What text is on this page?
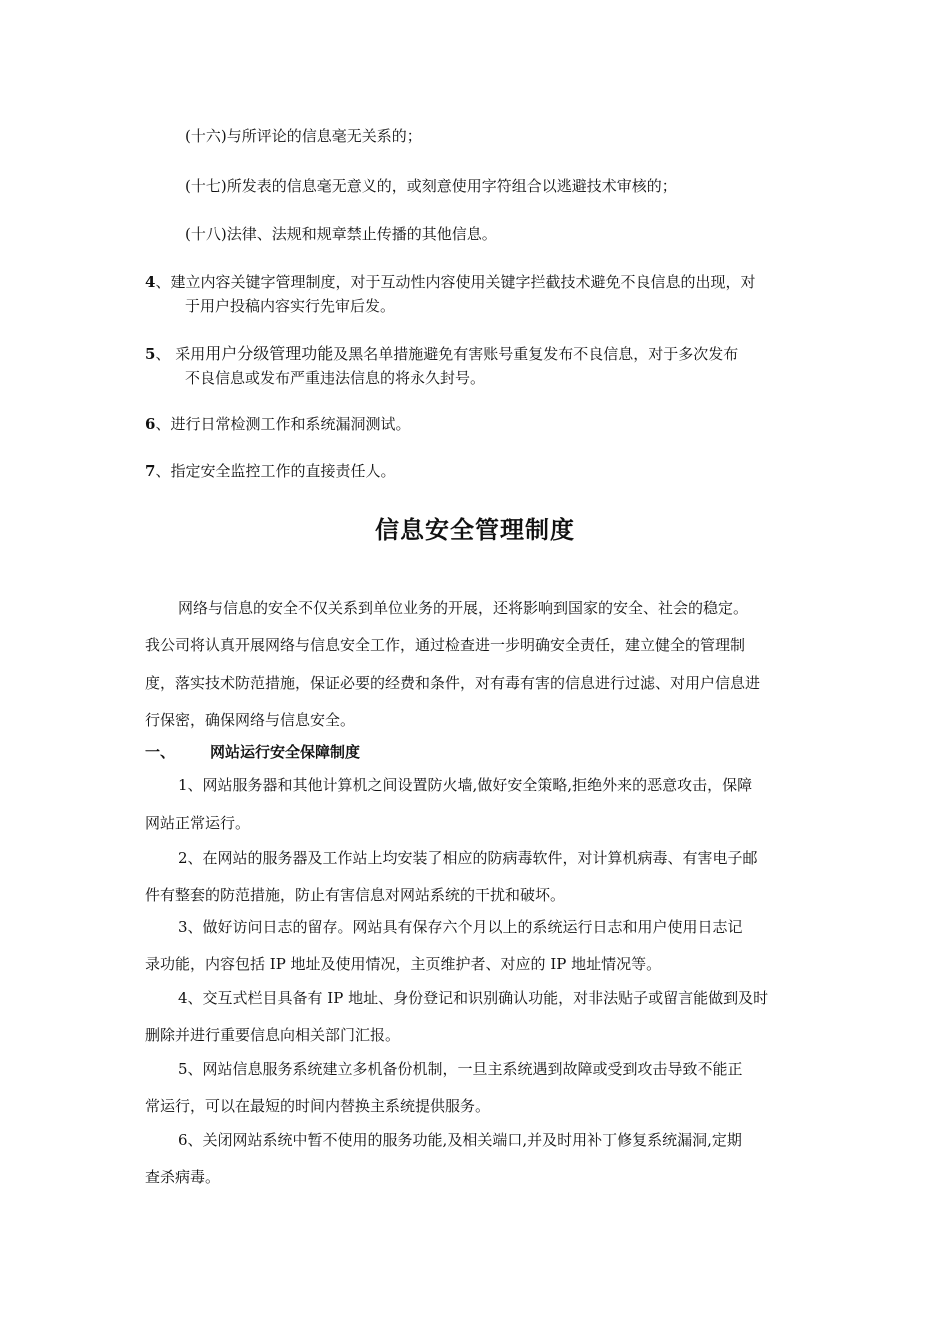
(十六)与所评论的信息毫无关系的；
(十七)所发表的信息毫无意义的，或刻意使用字符组合以逃避技术审核的；
(十八)法律、法规和规章禁止传播的其他信息。
4、建立内容关键字管理制度，对于互动性内容使用关键字拦截技术避免不良信息的出现，对
于用户投稿内容实行先审后发。
5、 采用用户分级管理功能及黑名单措施避免有害账号重复发布不良信息，对于多次发布
不良信息或发布严重违法信息的将永久封号。
6、进行日常检测工作和系统漏洞测试。
7、指定安全监控工作的直接责任人。
信息安全管理制度
网络与信息的安全不仅关系到单位业务的开展，还将影响到国家的安全、社会的稳定。
我公司将认真开展网络与信息安全工作，通过检查进一步明确安全责任，建立健全的管理制
度，落实技术防范措施，保证必要的经费和条件，对有毒有害的信息进行过滤、对用户信息进
行保密，确保网络与信息安全。
一、 网站运行安全保障制度
1、网站服务器和其他计算机之间设置防火墙,做好安全策略,拒绝外来的恶意攻击，保障
网站正常运行。
2、在网站的服务器及工作站上均安装了相应的防病毒软件，对计算机病毒、有害电子邮
件有整套的防范措施，防止有害信息对网站系统的干扰和破坏。
3、做好访问日志的留存。网站具有保存六个月以上的系统运行日志和用户使用日志记
录功能，内容包括 IP 地址及使用情况，主页维护者、对应的 IP 地址情况等。
4、交互式栏目具备有 IP 地址、身份登记和识别确认功能，对非法贴子或留言能做到及时
删除并进行重要信息向相关部门汇报。
5、网站信息服务系统建立多机备份机制，一旦主系统遇到故障或受到攻击导致不能正
常运行，可以在最短的时间内替换主系统提供服务。
6、关闭网站系统中暂不使用的服务功能,及相关端口,并及时用补丁修复系统漏洞,定期
查杀病毒。
